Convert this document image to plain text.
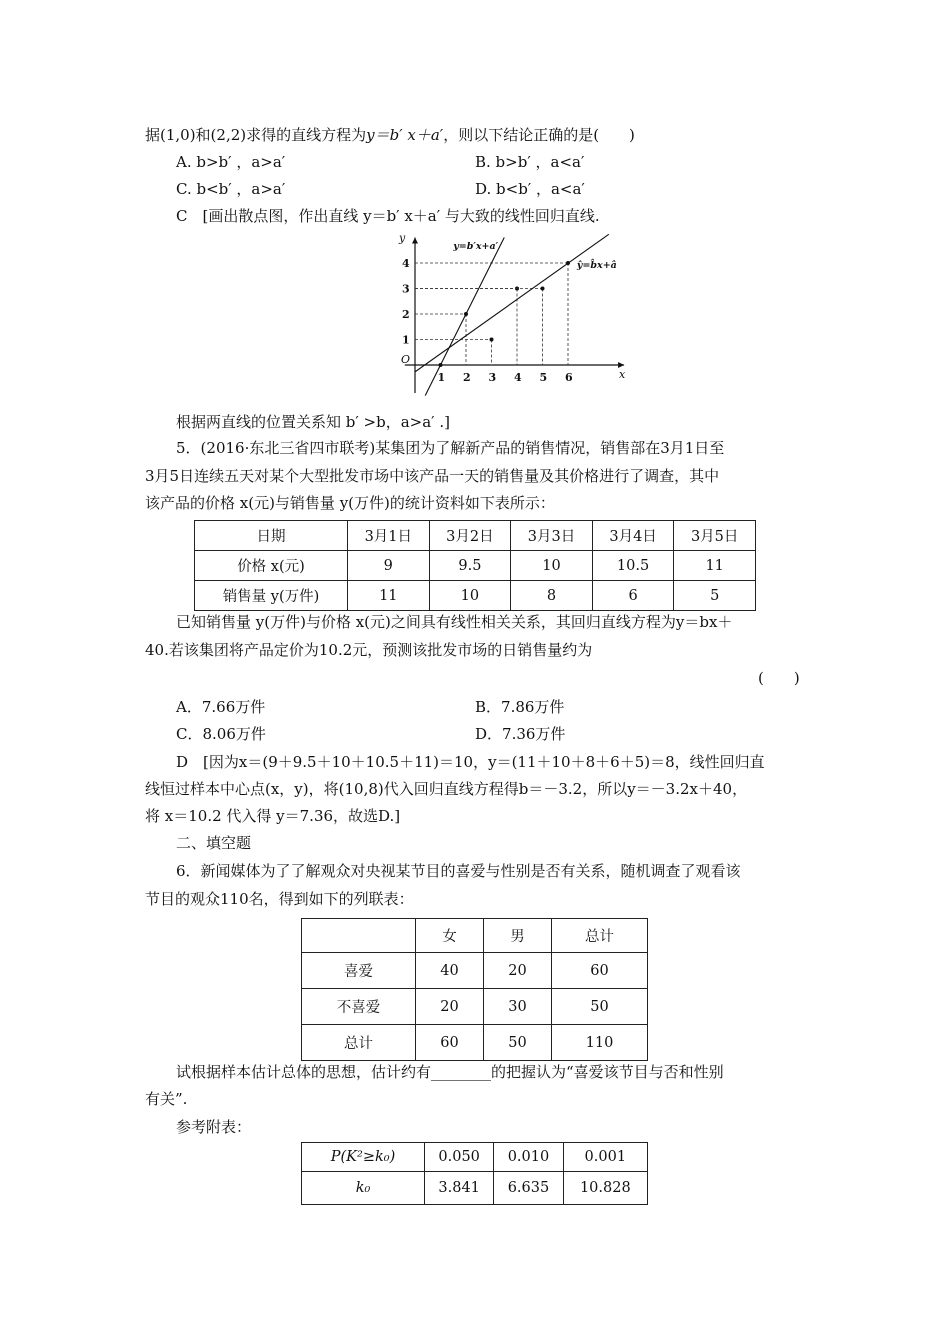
据(1,0)和(2,2)求得的直线方程为y＝b′ x＋a′，则以下结论正确的是(　　)
A. b>b′ ，a>a′	B. b>b′ ，a<a′
C. b<b′ ，a>a′	D. b<b′ ，a<a′
C　[画出散点图，作出直线 y＝b′ x＋a′ 与大致的线性回归直线.
y
x
O
1 2 3 4 5 6
1
2
3
4
y=b′x+a′
ŷ=b̂x+â
根据两直线的位置关系知 b′ >b，a>a′ .]
5．(2016·东北三省四市联考)某集团为了解新产品的销售情况，销售部在3月1日至
3月5日连续五天对某个大型批发市场中该产品一天的销售量及其价格进行了调查，其中
该产品的价格 x(元)与销售量 y(万件)的统计资料如下表所示：
日期	3月1日	3月2日	3月3日	3月4日	3月5日
价格 x(元)	9	9.5	10	10.5	11
销售量 y(万件)	11	10	8	6	5
已知销售量 y(万件)与价格 x(元)之间具有线性相关关系，其回归直线方程为y＝bx＋
40.若该集团将产品定价为10.2元，预测该批发市场的日销售量约为
(　　)
A．7.66万件	B．7.86万件
C．8.06万件	D．7.36万件
D　[因为x＝(9＋9.5＋10＋10.5＋11)＝10，y＝(11＋10＋8＋6＋5)＝8，线性回归直
线恒过样本中心点(x，y)，将(10,8)代入回归直线方程得b＝－3.2，所以y＝－3.2x＋40，
将 x＝10.2 代入得 y＝7.36，故选D.]
二、填空题
6．新闻媒体为了了解观众对央视某节目的喜爱与性别是否有关系，随机调查了观看该
节目的观众110名，得到如下的列联表：
	女	男	总计
喜爱	40	20	60
不喜爱	20	30	50
总计	60	50	110
试根据样本估计总体的思想，估计约有________的把握认为“喜爱该节目与否和性别
有关”.
参考附表：
P(K²≥k₀)	0.050	0.010	0.001
k₀	3.841	6.635	10.828
